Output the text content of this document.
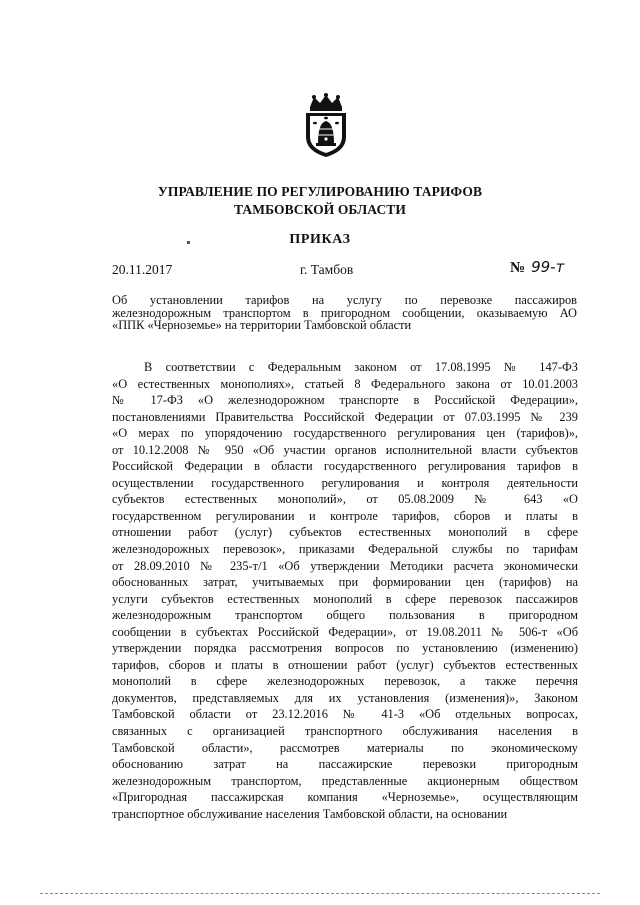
УПРАВЛЕНИЕ ПО РЕГУЛИРОВАНИЮ ТАРИФОВ
ТАМБОВСКОЙ ОБЛАСТИ
ПРИКАЗ
20.11.2017	г. Тамбов	№ 99-т
Об установлении тарифов на услугу по перевозке пассажиров
железнодорожным транспортом в пригородном сообщении, оказываемую АО
«ППК «Черноземье» на территории Тамбовской области
В соответствии с Федеральным законом от 17.08.1995 № 147-ФЗ
«О естественных монополиях», статьей 8 Федерального закона от 10.01.2003
№ 17-ФЗ «О железнодорожном транспорте в Российской Федерации»,
постановлениями Правительства Российской Федерации от 07.03.1995 № 239
«О мерах по упорядочению государственного регулирования цен (тарифов)»,
от 10.12.2008 № 950 «Об участии органов исполнительной власти субъектов
Российской Федерации в области государственного регулирования тарифов в
осуществлении государственного регулирования и контроля деятельности
субъектов естественных монополий», от 05.08.2009 № 643 «О
государственном регулировании и контроле тарифов, сборов и платы в
отношении работ (услуг) субъектов естественных монополий в сфере
железнодорожных перевозок», приказами Федеральной службы по тарифам
от 28.09.2010 № 235-т/1 «Об утверждении Методики расчета экономически
обоснованных затрат, учитываемых при формировании цен (тарифов) на
услуги субъектов естественных монополий в сфере перевозок пассажиров
железнодорожным транспортом общего пользования в пригородном
сообщении в субъектах Российской Федерации», от 19.08.2011 № 506-т «Об
утверждении порядка рассмотрения вопросов по установлению (изменению)
тарифов, сборов и платы в отношении работ (услуг) субъектов естественных
монополий в сфере железнодорожных перевозок, а также перечня
документов, представляемых для их установления (изменения)», Законом
Тамбовской области от 23.12.2016 № 41-З «Об отдельных вопросах,
связанных с организацией транспортного обслуживания населения в
Тамбовской области», рассмотрев материалы по экономическому
обоснованию затрат на пассажирские перевозки пригородным
железнодорожным транспортом, представленные акционерным обществом
«Пригородная пассажирская компания «Черноземье», осуществляющим
транспортное обслуживание населения Тамбовской области, на основании
